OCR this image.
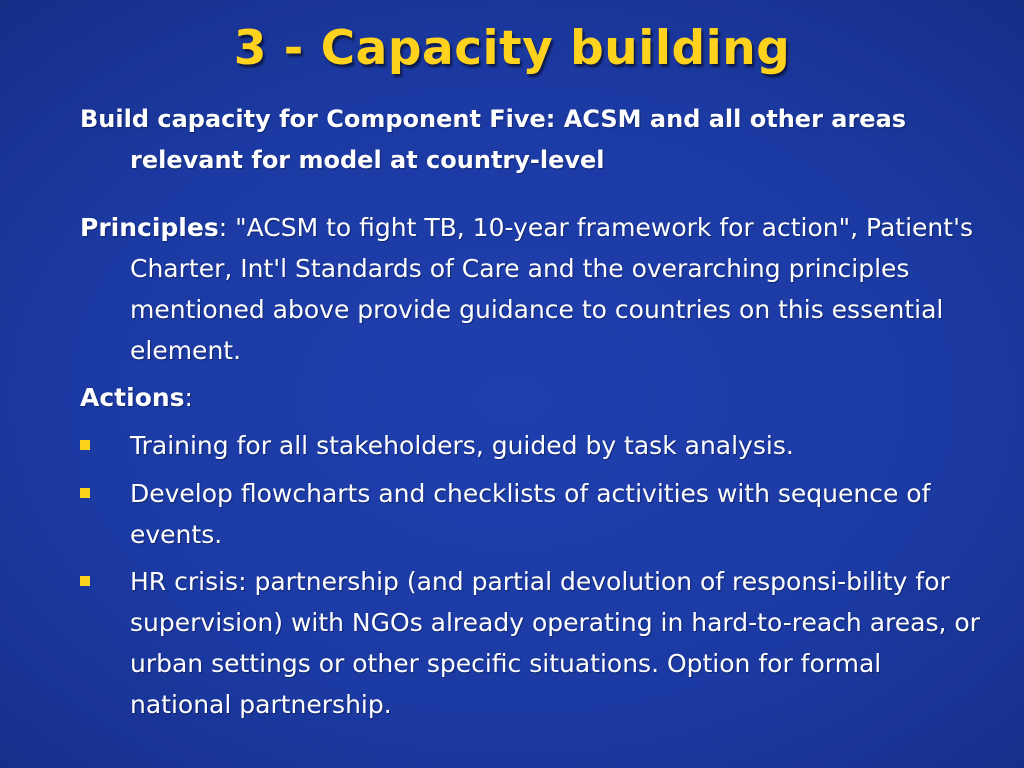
3 - Capacity building
Build capacity for Component Five: ACSM and all other areas relevant for model at country-level
Principles: "ACSM to fight TB, 10-year framework for action", Patient's Charter, Int'l Standards of Care and the overarching principles mentioned above provide guidance to countries on this essential element.
Actions:
Training for all stakeholders, guided by task analysis.
Develop flowcharts and checklists of activities with sequence of events.
HR crisis: partnership (and partial devolution of responsi-bility for supervision) with NGOs already operating in hard-to-reach areas, or urban settings or other specific situations. Option for formal national partnership.
